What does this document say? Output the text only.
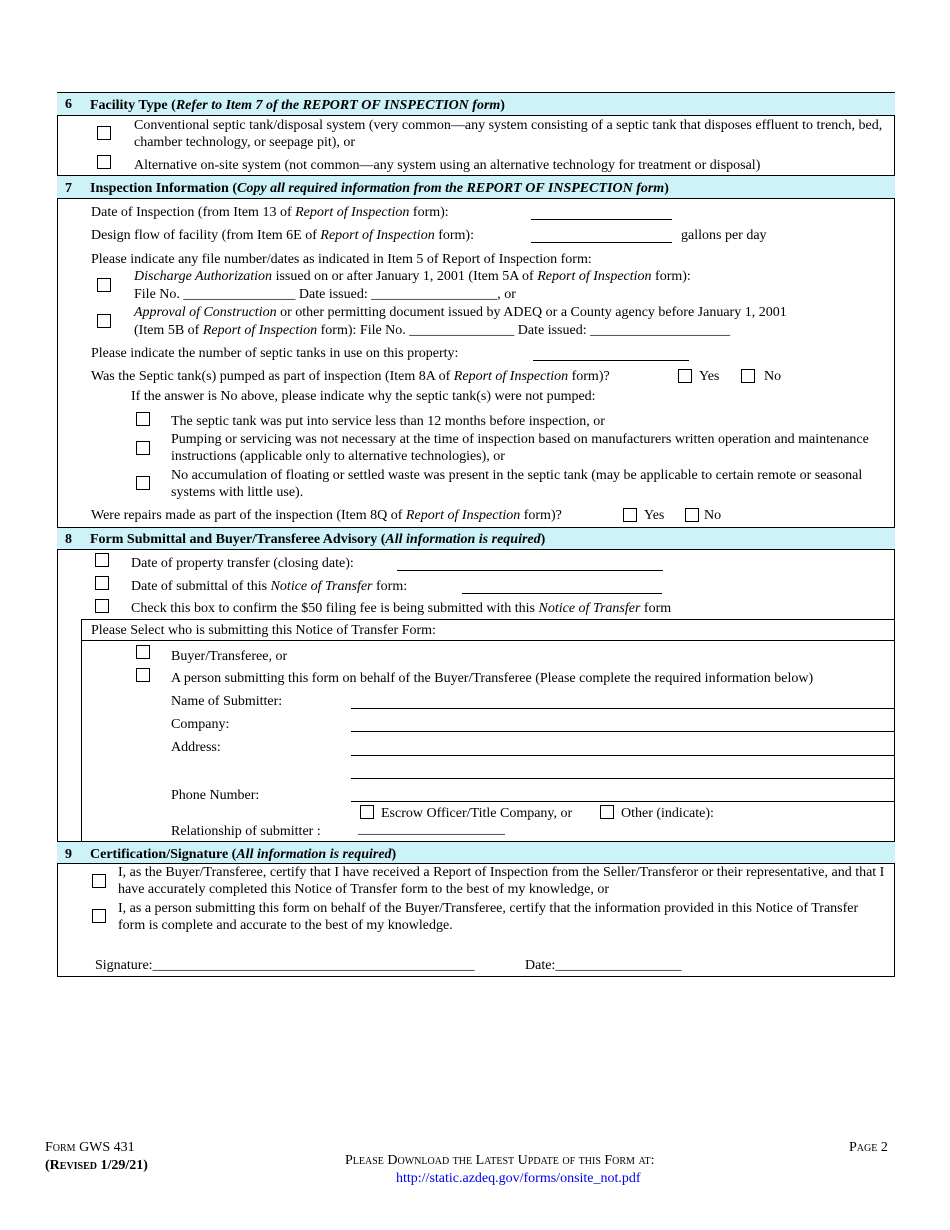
6 Facility Type (Refer to Item 7 of the REPORT OF INSPECTION form)
Conventional septic tank/disposal system (very common—any system consisting of a septic tank that disposes effluent to trench, bed, chamber technology, or seepage pit), or
Alternative on-site system (not common—any system using an alternative technology for treatment or disposal)
7 Inspection Information (Copy all required information from the REPORT OF INSPECTION form)
Date of Inspection (from Item 13 of Report of Inspection form):
Design flow of facility (from Item 6E of Report of Inspection form):	gallons per day
Please indicate any file number/dates as indicated in Item 5 of Report of Inspection form:
Discharge Authorization issued on or after January 1, 2001 (Item 5A of Report of Inspection form):
File No. ________________ Date issued: __________________, or
Approval of Construction or other permitting document issued by ADEQ or a County agency before January 1, 2001
(Item 5B of Report of Inspection form): File No. _______________ Date issued: ____________________
Please indicate the number of septic tanks in use on this property:
Was the Septic tank(s) pumped as part of inspection (Item 8A of Report of Inspection form)?	Yes	No
If the answer is No above, please indicate why the septic tank(s) were not pumped:
The septic tank was put into service less than 12 months before inspection, or
Pumping or servicing was not necessary at the time of inspection based on manufacturers written operation and maintenance instructions (applicable only to alternative technologies), or
No accumulation of floating or settled waste was present in the septic tank (may be applicable to certain remote or seasonal systems with little use).
Were repairs made as part of the inspection (Item 8Q of Report of Inspection form)?	Yes	No
8 Form Submittal and Buyer/Transferee Advisory (All information is required)
Date of property transfer (closing date):
Date of submittal of this Notice of Transfer form:
Check this box to confirm the $50 filing fee is being submitted with this Notice of Transfer form
Please Select who is submitting this Notice of Transfer Form:
Buyer/Transferee, or
A person submitting this form on behalf of the Buyer/Transferee (Please complete the required information below)
Name of Submitter:
Company:
Address:
Phone Number:
Escrow Officer/Title Company, or	Other (indicate):
Relationship of submitter :	_____________________
9 Certification/Signature (All information is required)
I, as the Buyer/Transferee, certify that I have received a Report of Inspection from the Seller/Transferor or their representative, and that I have accurately completed this Notice of Transfer form to the best of my knowledge, or
I, as a person submitting this form on behalf of the Buyer/Transferee, certify that the information provided in this Notice of Transfer form is complete and accurate to the best of my knowledge.
Signature:______________________________________________	Date:__________________
Form GWS 431
(Revised 1/29/21)	Please Download the Latest Update of this Form at:
http://static.azdeq.gov/forms/onsite_not.pdf
Page 2
